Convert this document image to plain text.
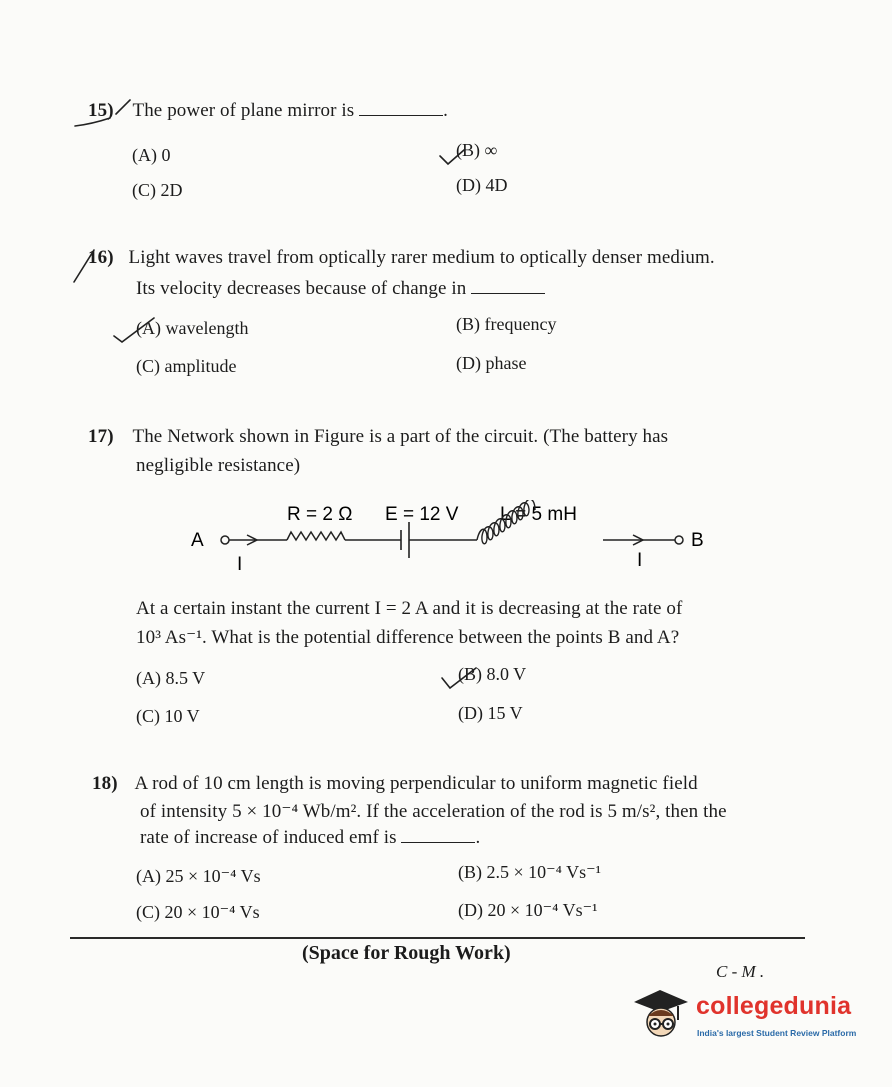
15) The power of plane mirror is	.
(A) 0	(B) ∞
(C) 2D	(D) 4D
16) Light waves travel from optically rarer medium to optically denser medium.
Its velocity decreases because of change in
(A) wavelength	(B) frequency
(C) amplitude	(D) phase
17) The Network shown in Figure is a part of the circuit. (The battery has
negligible resistance)
R = 2 Ω E = 12 V L = 5 mH
A	B
I	I
At a certain instant the current I = 2 A and it is decreasing at the rate of
10³ As⁻¹. What is the potential difference between the points B and A?
(A) 8.5 V	(B) 8.0 V
(C) 10 V	(D) 15 V
18) A rod of 10 cm length is moving perpendicular to uniform magnetic field
of intensity 5 × 10⁻⁴ Wb/m². If the acceleration of the rod is 5 m/s², then the
rate of increase of induced emf is	.
(A) 25 × 10⁻⁴ Vs	(B) 2.5 × 10⁻⁴ Vs⁻¹
(C) 20 × 10⁻⁴ Vs	(D) 20 × 10⁻⁴ Vs⁻¹
(Space for Rough Work)
C - M .
collegedunia
India's largest Student Review Platform
